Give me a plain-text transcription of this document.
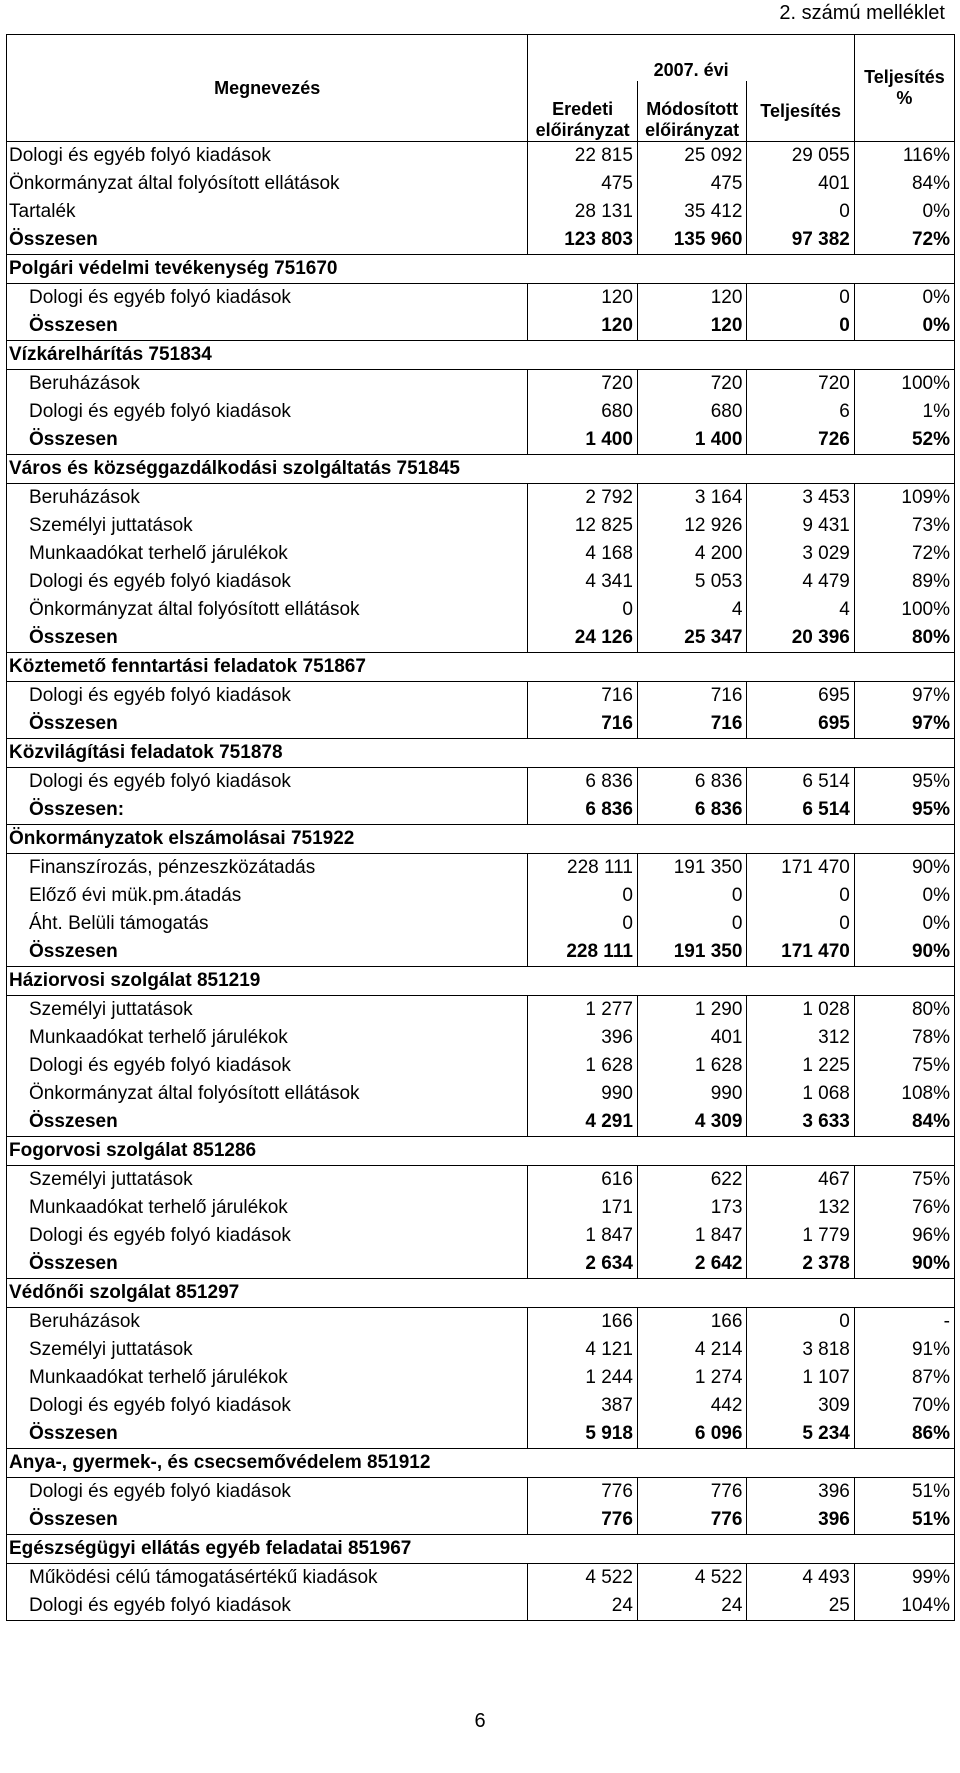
2. számú melléklet
Megnevezés	2007. évi			Teljesítés %
	Eredeti előirányzat	Módosított előirányzat	Teljesítés	
Dologi és egyéb folyó kiadások	22 815	25 092	29 055	116%
Önkormányzat által folyósított ellátások	475	475	401	84%
Tartalék	28 131	35 412	0	0%
Összesen	123 803	135 960	97 382	72%
Polgári védelmi tevékenység 751670				
Dologi és egyéb folyó kiadások	120	120	0	0%
Összesen	120	120	0	0%
Vízkárelhárítás 751834				
Beruházások	720	720	720	100%
Dologi és egyéb folyó kiadások	680	680	6	1%
Összesen	1 400	1 400	726	52%
Város és községgazdálkodási szolgáltatás 751845				
Beruházások	2 792	3 164	3 453	109%
Személyi juttatások	12 825	12 926	9 431	73%
Munkaadókat terhelő járulékok	4 168	4 200	3 029	72%
Dologi és egyéb folyó kiadások	4 341	5 053	4 479	89%
Önkormányzat által folyósított ellátások	0	4	4	100%
Összesen	24 126	25 347	20 396	80%
Köztemető fenntartási feladatok 751867				
Dologi és egyéb folyó kiadások	716	716	695	97%
Összesen	716	716	695	97%
Közvilágítási feladatok 751878				
Dologi és egyéb folyó kiadások	6 836	6 836	6 514	95%
Összesen:	6 836	6 836	6 514	95%
Önkormányzatok elszámolásai 751922				
Finanszírozás, pénzeszközátadás	228 111	191 350	171 470	90%
Előző évi mük.pm.átadás	0	0	0	0%
Áht. Belüli támogatás	0	0	0	0%
Összesen	228 111	191 350	171 470	90%
Háziorvosi szolgálat 851219				
Személyi juttatások	1 277	1 290	1 028	80%
Munkaadókat terhelő járulékok	396	401	312	78%
Dologi és egyéb folyó kiadások	1 628	1 628	1 225	75%
Önkormányzat által folyósított ellátások	990	990	1 068	108%
Összesen	4 291	4 309	3 633	84%
Fogorvosi szolgálat 851286				
Személyi juttatások	616	622	467	75%
Munkaadókat terhelő járulékok	171	173	132	76%
Dologi és egyéb folyó kiadások	1 847	1 847	1 779	96%
Összesen	2 634	2 642	2 378	90%
Védőnői szolgálat 851297				
Beruházások	166	166	0	-
Személyi juttatások	4 121	4 214	3 818	91%
Munkaadókat terhelő járulékok	1 244	1 274	1 107	87%
Dologi és egyéb folyó kiadások	387	442	309	70%
Összesen	5 918	6 096	5 234	86%
Anya-, gyermek-, és csecsemővédelem 851912				
Dologi és egyéb folyó kiadások	776	776	396	51%
Összesen	776	776	396	51%
Egészségügyi ellátás egyéb feladatai 851967				
Működési célú támogatásértékű kiadások	4 522	4 522	4 493	99%
Dologi és egyéb folyó kiadások	24	24	25	104%
6
